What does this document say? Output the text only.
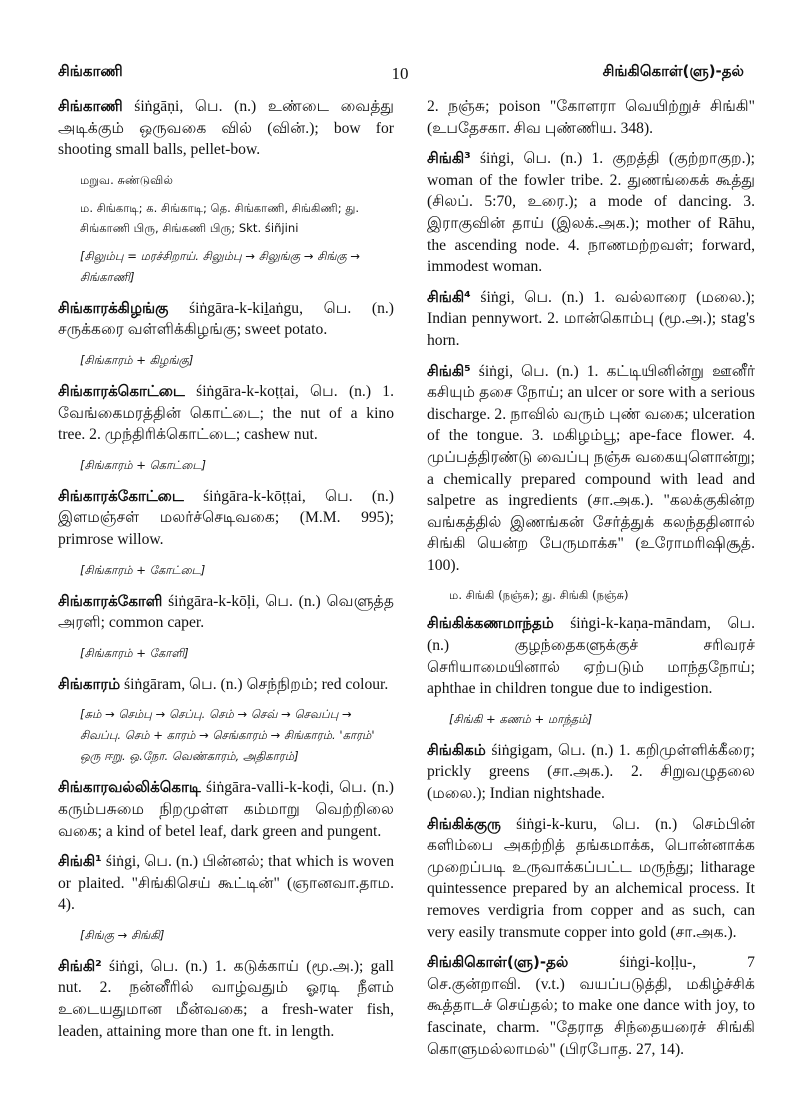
சிங்காணி	10	சிங்கிகொள்(ளு)-தல்
சிங்காணி śiṅgāṇi, பெ. (n.) உண்டை வைத்து அடிக்கும் ஒருவகை வில் (வின்.); bow for shooting small balls, pellet-bow.
மறுவ. சுண்டுவில்
ம. சிங்காடி; க. சிங்காடி; தெ. சிங்காணி, சிங்கிணி; து. சிங்காணி பிரு, சிங்கணி பிரு; Skt. śiñjini
[சிலும்பு = மரச்சிறாய். சிலும்பு → சிலுங்கு → சிங்கு → சிங்காணி]
சிங்காரக்கிழங்கு śiṅgāra-k-kiḻaṅgu, பெ. (n.) சருக்கரை வள்ளிக்கிழங்கு; sweet potato.
[சிங்காரம் + கிழங்கு]
சிங்காரக்கொட்டை śiṅgāra-k-koṭṭai, பெ. (n.) 1. வேங்கைமரத்தின் கொட்டை; the nut of a kino tree. 2. முந்திரிக்கொட்டை; cashew nut.
[சிங்காரம் + கொட்டை]
சிங்காரக்கோட்டை śiṅgāra-k-kōṭṭai, பெ. (n.) இளமஞ்சள் மலர்ச்செடிவகை; (M.M. 995); primrose willow.
[சிங்காரம் + கோட்டை]
சிங்காரக்கோளி śiṅgāra-k-kōḷi, பெ. (n.) வெளுத்த அரளி; common caper.
[சிங்காரம் + கோளி]
சிங்காரம் śiṅgāram, பெ. (n.) செந்நிறம்; red colour.
[சும் → செம்பு → செப்பு. செம் → செவ் → செவப்பு → சிவப்பு. செம் + காரம் → செங்காரம் → சிங்காரம். 'காரம்' ஒரு ஈறு. ஒ.நோ. வெண்காரம், அதிகாரம்]
சிங்காரவல்லிக்கொடி śiṅgāra-valli-k-koḍi, பெ. (n.) கரும்பசுமை நிறமுள்ள கம்மாறு வெற்றிலை வகை; a kind of betel leaf, dark green and pungent.
சிங்கி¹ śiṅgi, பெ. (n.) பின்னல்; that which is woven or plaited. "சிங்கிசெய் கூட்டின்" (ஞானவா.தாம. 4).
[சிங்கு → சிங்கி]
சிங்கி² śiṅgi, பெ. (n.) 1. கடுக்காய் (மூ.அ.); gall nut. 2. நன்னீரில் வாழ்வதும் ஓரடி நீளம் உடையதுமான மீன்வகை; a fresh-water fish, leaden, attaining more than one ft. in length.
2. நஞ்சு; poison "கோளரா வெயிற்றுச் சிங்கி" (உபதேசகா. சிவ புண்ணிய. 348).
சிங்கி³ śiṅgi, பெ. (n.) 1. குறத்தி (குற்றாகுற.); woman of the fowler tribe. 2. துணங்கைக் கூத்து (சிலப். 5:70, உரை.); a mode of dancing. 3. இராகுவின் தாய் (இலக்.அக.); mother of Rāhu, the ascending node. 4. நாணமற்றவள்; forward, immodest woman.
சிங்கி⁴ śiṅgi, பெ. (n.) 1. வல்லாரை (மலை.); Indian pennywort. 2. மான்கொம்பு (மூ.அ.); stag's horn.
சிங்கி⁵ śiṅgi, பெ. (n.) 1. கட்டியினின்று ஊனீர் கசியும் தசை நோய்; an ulcer or sore with a serious discharge. 2. நாவில் வரும் புண் வகை; ulceration of the tongue. 3. மகிழம்பூ; ape-face flower. 4. முப்பத்திரண்டு வைப்பு நஞ்சு வகையுளொன்று; a chemically prepared compound with lead and salpetre as ingredients (சா.அக.). "கலக்குகின்ற வங்கத்தில் இணங்கன் சேர்த்துக் கலந்ததினால் சிங்கி யென்ற பேருமாக்சு" (உரோமரிஷிசூத். 100).
ம. சிங்கி (நஞ்சு); து. சிங்கி (நஞ்சு)
சிங்கிக்கணமாந்தம் śiṅgi-k-kaṇa-māndam, பெ. (n.) குழந்தைகளுக்குச் சரிவரச் செரியாமையினால் ஏற்படும் மாந்தநோய்; aphthae in children tongue due to indigestion.
[சிங்கி + கணம் + மாந்தம்]
சிங்கிகம் śiṅgigam, பெ. (n.) 1. கறிமுள்ளிக்கீரை; prickly greens (சா.அக.). 2. சிறுவழுதலை (மலை.); Indian nightshade.
சிங்கிக்குரு śiṅgi-k-kuru, பெ. (n.) செம்பின் களிம்பை அகற்றித் தங்கமாக்க, பொன்னாக்க முறைப்படி உருவாக்கப்பட்ட மருந்து; litharage quintessence prepared by an alchemical process. It removes verdigria from copper and as such, can very easily transmute copper into gold (சா.அக.).
சிங்கிகொள்(ளு)-தல்	śiṅgi-koḷḷu-, 7 செ.குன்றாவி. (v.t.) வயப்படுத்தி, மகிழ்ச்சிக் கூத்தாடச் செய்தல்; to make one dance with joy, to fascinate, charm. "தேராத சிந்தையரைச் சிங்கி கொளுமல்லாமல்" (பிரபோத. 27, 14).
